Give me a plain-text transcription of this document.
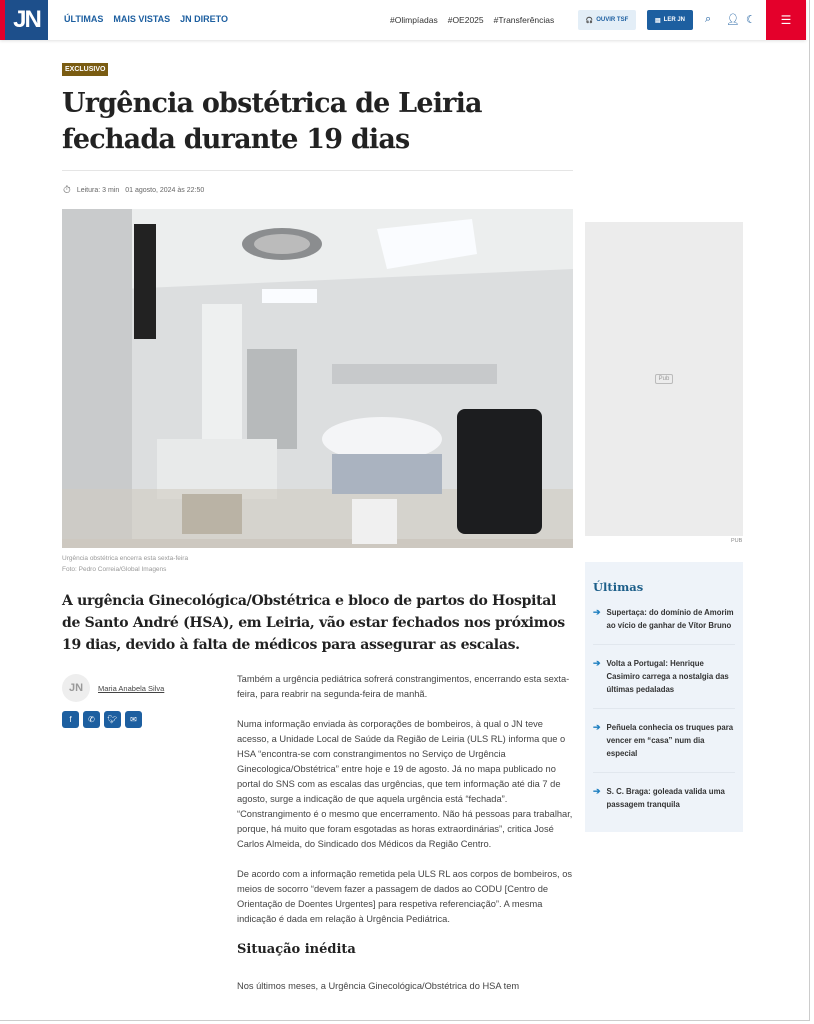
JN	ÚLTIMAS MAIS VISTAS JN DIRETO	#Olimpíadas #OE2025 #Transferências	🎧 OUVIR TSF	▤ LER JN ⌕ 👤︎ ☾ ☰
EXCLUSIVO
Urgência obstétrica de Leiria fechada durante 19 dias
⏱ Leitura: 3 min 01 agosto, 2024 às 22:50
Urgência obstétrica encerra esta sexta-feira
Foto: Pedro Correia/Global Imagens

A urgência Ginecológica/Obstétrica e bloco de partos do Hospital de Santo André (HSA), em Leiria, vão estar fechados nos próximos 19 dias, devido à falta de médicos para assegurar as escalas.

JN	Maria Anabela Silva
f	✆	🐦︎	✉

Também a urgência pediátrica sofrerá constrangimentos, encerrando esta sexta-feira, para reabrir na segunda-feira de manhã.

Numa informação enviada às corporações de bombeiros, à qual o JN teve acesso, a Unidade Local de Saúde da Região de Leiria (ULS RL) informa que o HSA “encontra-se com constrangimentos no Serviço de Urgência Ginecologica/Obstétrica” entre hoje e 19 de agosto. Já no mapa publicado no portal do SNS com as escalas das urgências, que tem informação até dia 7 de agosto, surge a indicação de que aquela urgência está “fechada”. “Constrangimento é o mesmo que encerramento. Não há pessoas para trabalhar, porque, há muito que foram esgotadas as horas extraordinárias”, critica José Carlos Almeida, do Sindicado dos Médicos da Região Centro.

De acordo com a informação remetida pela ULS RL aos corpos de bombeiros, os meios de socorro “devem fazer a passagem de dados ao CODU [Centro de Orientação de Doentes Urgentes] para respetiva referenciação”. A mesma indicação é dada em relação à Urgência Pediátrica.

Situação inédita

Nos últimos meses, a Urgência Ginecológica/Obstétrica do HSA tem

Pub
PUB
Últimas
➔ Supertaça: do domínio de Amorim ao vício de ganhar de Vítor Bruno
➔ Volta a Portugal: Henrique Casimiro carrega a nostalgia das últimas pedaladas
➔ Peñuela conhecia os truques para vencer em “casa” num dia especial
➔ S. C. Braga: goleada valida uma passagem tranquila
